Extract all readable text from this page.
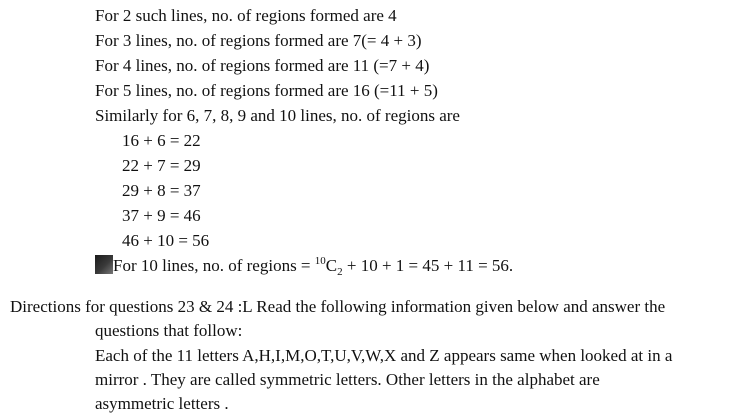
For 2 such lines, no. of regions formed are 4
For 3 lines, no. of regions formed are 7(= 4 + 3)
For 4 lines, no. of regions formed are 11 (=7 + 4)
For 5 lines, no. of regions formed are 16 (=11 + 5)
Similarly for 6, 7, 8, 9 and 10 lines, no. of regions are
16 + 6 = 22
22 + 7 = 29
29 + 8 = 37
37 + 9 = 46
46 + 10 = 56
For 10 lines, no. of regions = $^{10}C_2 + 10 + 1 = 45 + 11 = 56$.
Directions for questions 23 & 24 :L Read the following information given below and answer the
questions that follow:
Each of the 11 letters A,H,I,M,O,T,U,V,W,X and Z appears same when looked at in a
mirror . They are called symmetric letters. Other letters in the alphabet are
asymmetric letters .
